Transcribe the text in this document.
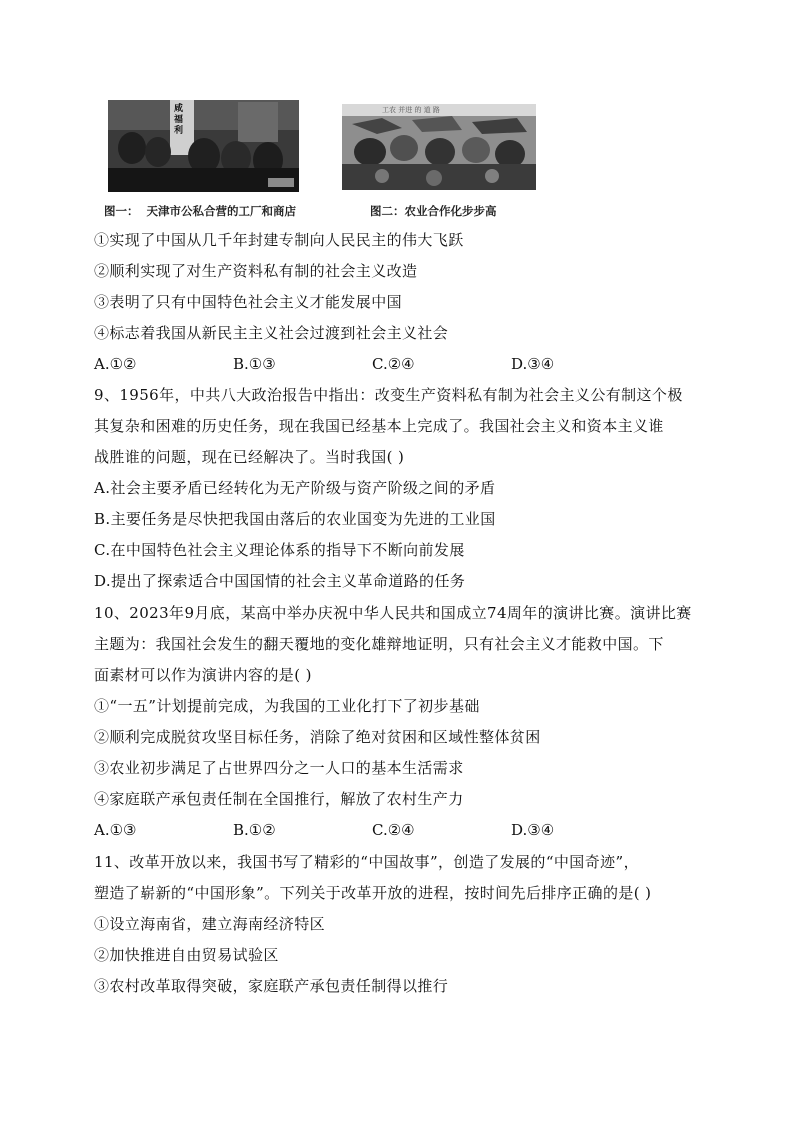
咸
福
利
工农 并进 的 道 路
图一：  天津市公私合营的工厂和商店	图二：农业合作化步步高
①实现了中国从几千年封建专制向人民民主的伟大飞跃
②顺利实现了对生产资料私有制的社会主义改造
③表明了只有中国特色社会主义才能发展中国
④标志着我国从新民主主义社会过渡到社会主义社会
A.①②	B.①③	C.②④	D.③④
9、1956年，中共八大政治报告中指出：改变生产资料私有制为社会主义公有制这个极
其复杂和困难的历史任务，现在我国已经基本上完成了。我国社会主义和资本主义谁
战胜谁的问题，现在已经解决了。当时我国( )
A.社会主要矛盾已经转化为无产阶级与资产阶级之间的矛盾
B.主要任务是尽快把我国由落后的农业国变为先进的工业国
C.在中国特色社会主义理论体系的指导下不断向前发展
D.提出了探索适合中国国情的社会主义革命道路的任务
10、2023年9月底，某高中举办庆祝中华人民共和国成立74周年的演讲比赛。演讲比赛
主题为：我国社会发生的翻天覆地的变化雄辩地证明，只有社会主义才能救中国。下
面素材可以作为演讲内容的是( )
①“一五”计划提前完成，为我国的工业化打下了初步基础
②顺利完成脱贫攻坚目标任务，消除了绝对贫困和区域性整体贫困
③农业初步满足了占世界四分之一人口的基本生活需求
④家庭联产承包责任制在全国推行，解放了农村生产力
A.①③	B.①②	C.②④	D.③④
11、改革开放以来，我国书写了精彩的“中国故事”，创造了发展的“中国奇迹”，
塑造了崭新的“中国形象”。下列关于改革开放的进程，按时间先后排序正确的是( )
①设立海南省，建立海南经济特区
②加快推进自由贸易试验区
③农村改革取得突破，家庭联产承包责任制得以推行
